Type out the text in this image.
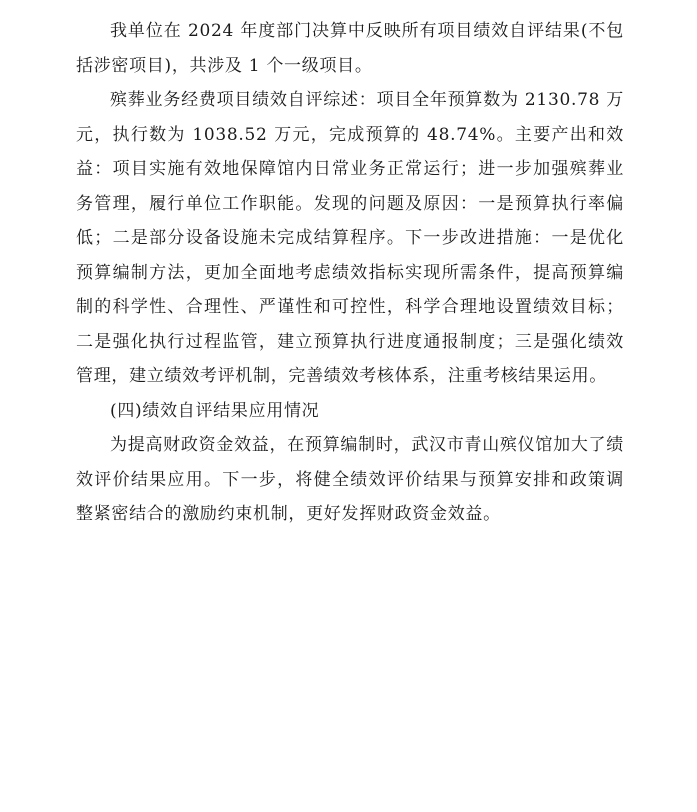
我单位在 2024 年度部门决算中反映所有项目绩效自评结果(不包括涉密项目)，共涉及 1 个一级项目。

殡葬业务经费项目绩效自评综述：项目全年预算数为 2130.78 万元，执行数为 1038.52 万元，完成预算的 48.74%。主要产出和效益：项目实施有效地保障馆内日常业务正常运行；进一步加强殡葬业务管理，履行单位工作职能。发现的问题及原因：一是预算执行率偏低；二是部分设备设施未完成结算程序。下一步改进措施：一是优化预算编制方法，更加全面地考虑绩效指标实现所需条件，提高预算编制的科学性、合理性、严谨性和可控性，科学合理地设置绩效目标；二是强化执行过程监管，建立预算执行进度通报制度；三是强化绩效管理，建立绩效考评机制，完善绩效考核体系，注重考核结果运用。

(四)绩效自评结果应用情况

为提高财政资金效益，在预算编制时，武汉市青山殡仪馆加大了绩效评价结果应用。下一步，将健全绩效评价结果与预算安排和政策调整紧密结合的激励约束机制，更好发挥财政资金效益。
